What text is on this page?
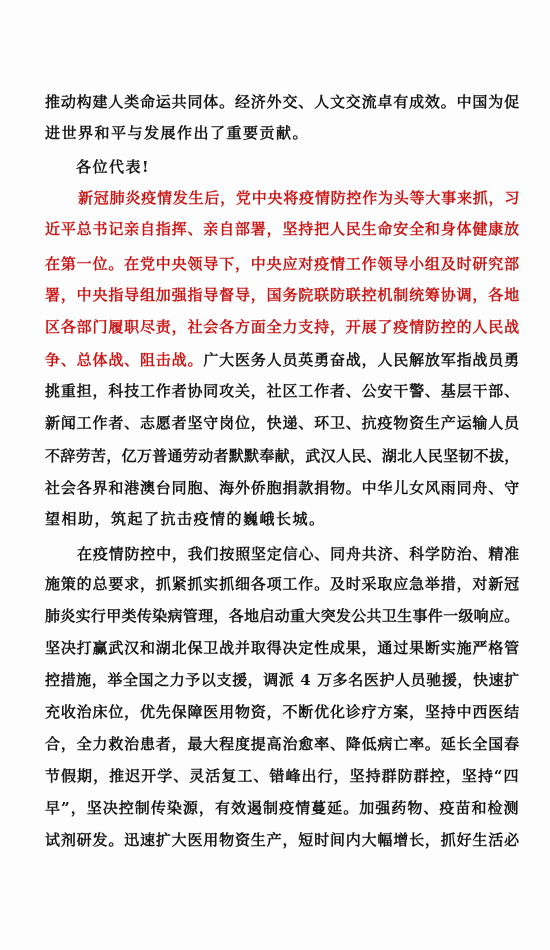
推动构建人类命运共同体。经济外交、人文交流卓有成效。中国为促
进世界和平与发展作出了重要贡献。
各位代表!
新冠肺炎疫情发生后，党中央将疫情防控作为头等大事来抓，习
近平总书记亲自指挥、亲自部署，坚持把人民生命安全和身体健康放
在第一位。在党中央领导下，中央应对疫情工作领导小组及时研究部
署，中央指导组加强指导督导，国务院联防联控机制统筹协调，各地
区各部门履职尽责，社会各方面全力支持，开展了疫情防控的人民战
争、总体战、阻击战。广大医务人员英勇奋战，人民解放军指战员勇
挑重担，科技工作者协同攻关，社区工作者、公安干警、基层干部、
新闻工作者、志愿者坚守岗位，快递、环卫、抗疫物资生产运输人员
不辞劳苦，亿万普通劳动者默默奉献，武汉人民、湖北人民坚韧不拔，
社会各界和港澳台同胞、海外侨胞捐款捐物。中华儿女风雨同舟、守
望相助，筑起了抗击疫情的巍峨长城。
在疫情防控中，我们按照坚定信心、同舟共济、科学防治、精准
施策的总要求，抓紧抓实抓细各项工作。及时采取应急举措，对新冠
肺炎实行甲类传染病管理，各地启动重大突发公共卫生事件一级响应。
坚决打赢武汉和湖北保卫战并取得决定性成果，通过果断实施严格管
控措施，举全国之力予以支援，调派 4 万多名医护人员驰援，快速扩
充收治床位，优先保障医用物资，不断优化诊疗方案，坚持中西医结
合，全力救治患者，最大程度提高治愈率、降低病亡率。延长全国春
节假期，推迟开学、灵活复工、错峰出行，坚持群防群控，坚持“四
早”，坚决控制传染源，有效遏制疫情蔓延。加强药物、疫苗和检测
试剂研发。迅速扩大医用物资生产，短时间内大幅增长，抓好生活必
